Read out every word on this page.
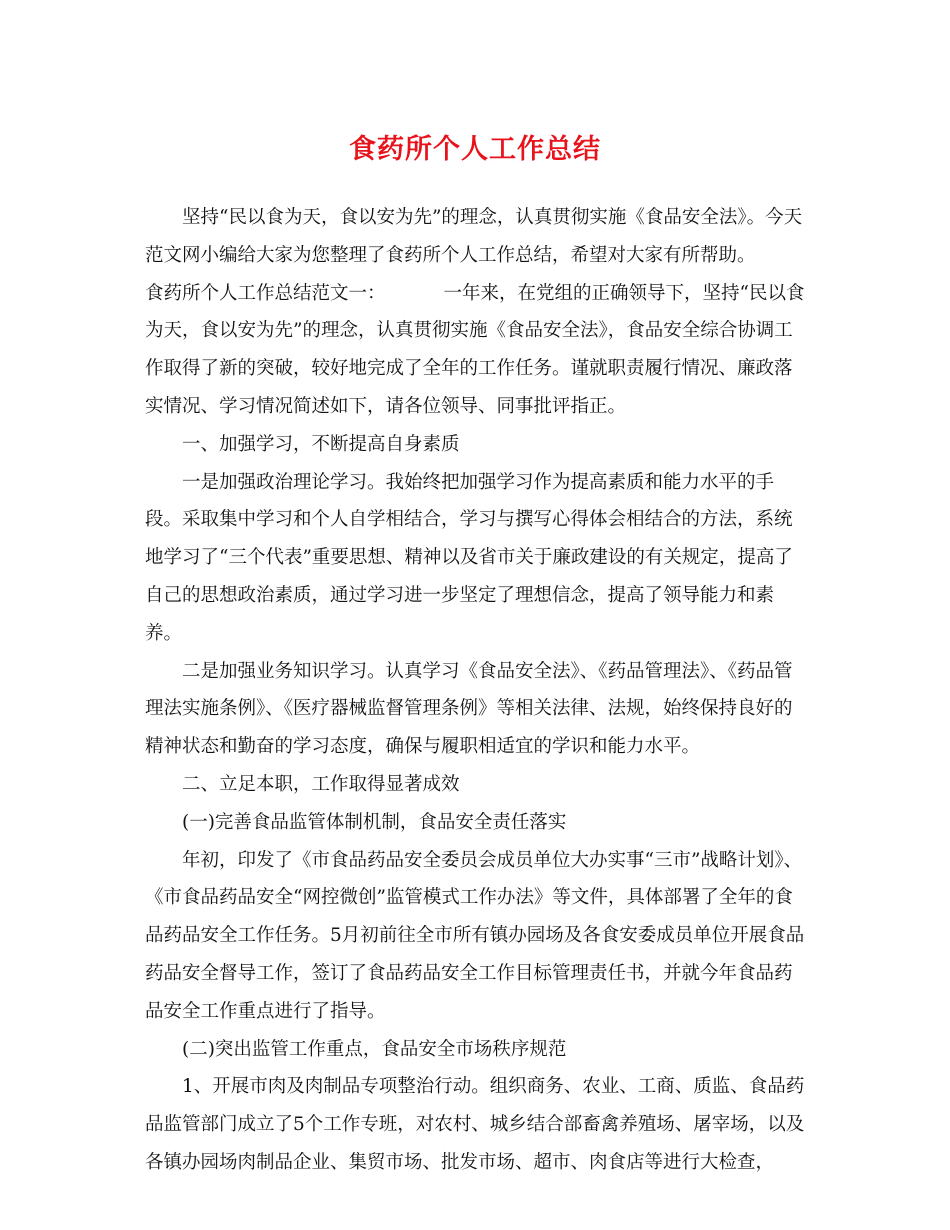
食药所个人工作总结

坚持“民以食为天，食以安为先”的理念，认真贯彻实施《食品安全法》。今天范文网小编给大家为您整理了食药所个人工作总结，希望对大家有所帮助。

食药所个人工作总结范文一：	一年来，在党组的正确领导下，坚持“民以食为天，食以安为先”的理念，认真贯彻实施《食品安全法》，食品安全综合协调工作取得了新的突破，较好地完成了全年的工作任务。谨就职责履行情况、廉政落实情况、学习情况简述如下，请各位领导、同事批评指正。

一、加强学习，不断提高自身素质

一是加强政治理论学习。我始终把加强学习作为提高素质和能力水平的手段。采取集中学习和个人自学相结合，学习与撰写心得体会相结合的方法，系统地学习了“三个代表”重要思想、精神以及省市关于廉政建设的有关规定，提高了自己的思想政治素质，通过学习进一步坚定了理想信念，提高了领导能力和素养。

二是加强业务知识学习。认真学习《食品安全法》、《药品管理法》、《药品管理法实施条例》、《医疗器械监督管理条例》等相关法律、法规，始终保持良好的精神状态和勤奋的学习态度，确保与履职相适宜的学识和能力水平。

二、立足本职，工作取得显著成效

(一)完善食品监管体制机制，食品安全责任落实

年初，印发了《市食品药品安全委员会成员单位大办实事“三市”战略计划》、《市食品药品安全“网控微创”监管模式工作办法》等文件，具体部署了全年的食品药品安全工作任务。5月初前往全市所有镇办园场及各食安委成员单位开展食品药品安全督导工作，签订了食品药品安全工作目标管理责任书，并就今年食品药品安全工作重点进行了指导。

(二)突出监管工作重点，食品安全市场秩序规范

1、开展市肉及肉制品专项整治行动。组织商务、农业、工商、质监、食品药品监管部门成立了5个工作专班，对农村、城乡结合部畜禽养殖场、屠宰场，以及各镇办园场肉制品企业、集贸市场、批发市场、超市、肉食店等进行大检查，
